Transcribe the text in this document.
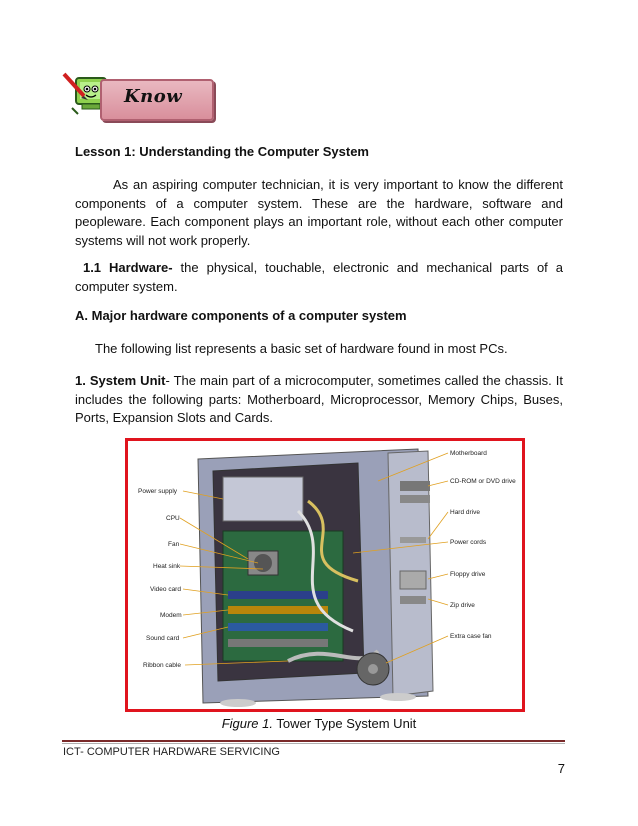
Know
Lesson 1: Understanding the Computer System
As an aspiring computer technician, it is very important to know the different components of a computer system. These are the hardware, software and peopleware. Each component plays an important role, without each other computer systems will not work properly.
1.1 Hardware- the physical, touchable, electronic and mechanical parts of a computer system.
A. Major hardware components of a computer system
The following list represents a basic set of hardware found in most PCs.
1. System Unit- The main part of a microcomputer, sometimes called the chassis. It includes the following parts: Motherboard, Microprocessor, Memory Chips, Buses, Ports, Expansion Slots and Cards.
Power supply
CPU
Fan
Heat sink
Video card
Modem
Sound card
Ribbon cable
Motherboard
CD-ROM or DVD drive
Hard drive
Power cords
Floppy drive
Zip drive
Extra case fan
Figure 1. Tower Type System Unit
ICT- COMPUTER HARDWARE SERVICING
7
